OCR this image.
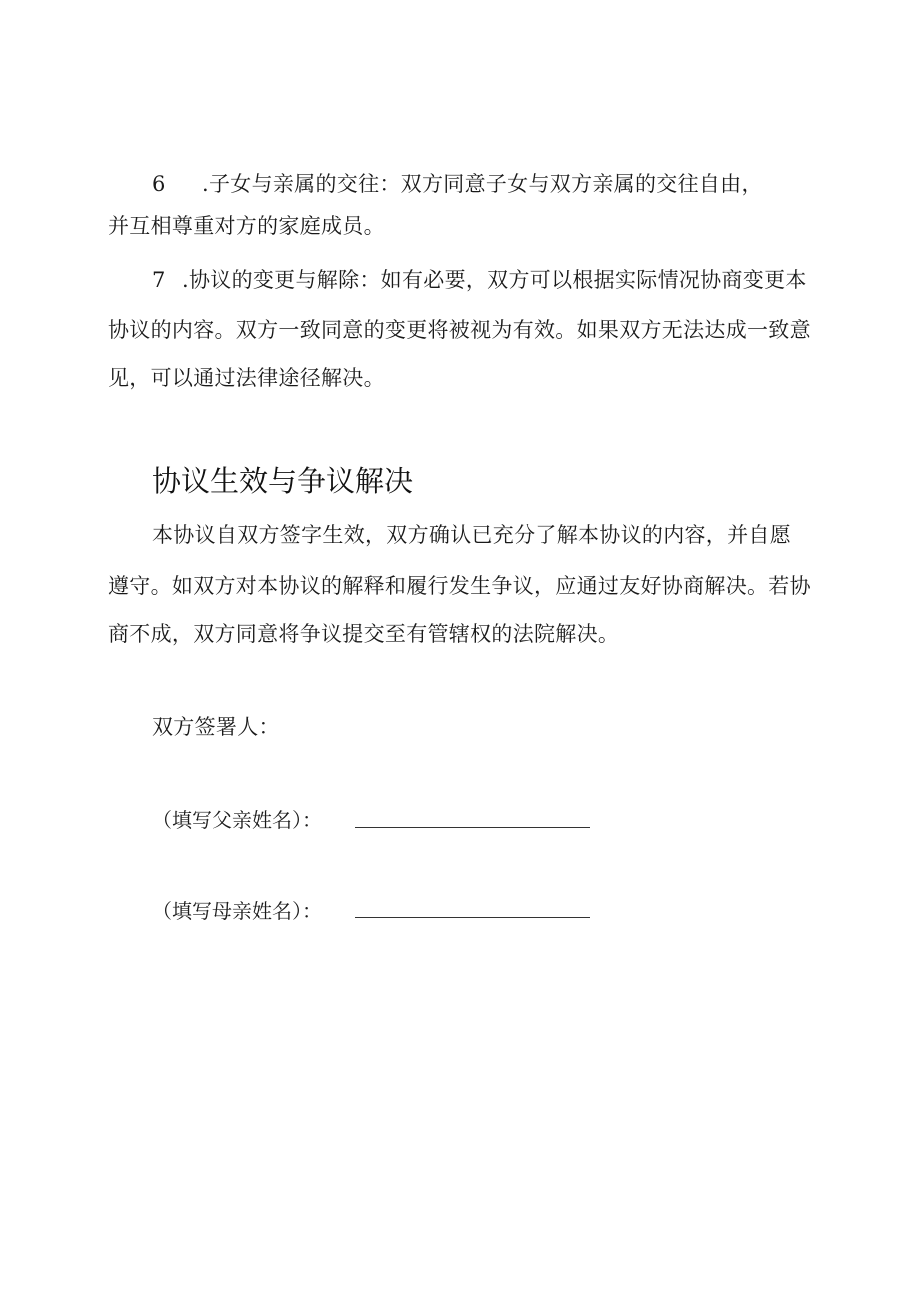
6 .子女与亲属的交往：双方同意子女与双方亲属的交往自由，
并互相尊重对方的家庭成员。
7 .协议的变更与解除：如有必要，双方可以根据实际情况协商变更本
协议的内容。双方一致同意的变更将被视为有效。如果双方无法达成一致意
见，可以通过法律途径解决。
协议生效与争议解决
本协议自双方签字生效，双方确认已充分了解本协议的内容，并自愿
遵守。如双方对本协议的解释和履行发生争议，应通过友好协商解决。若协
商不成，双方同意将争议提交至有管辖权的法院解决。
双方签署人：
（填写父亲姓名）：
（填写母亲姓名）：
